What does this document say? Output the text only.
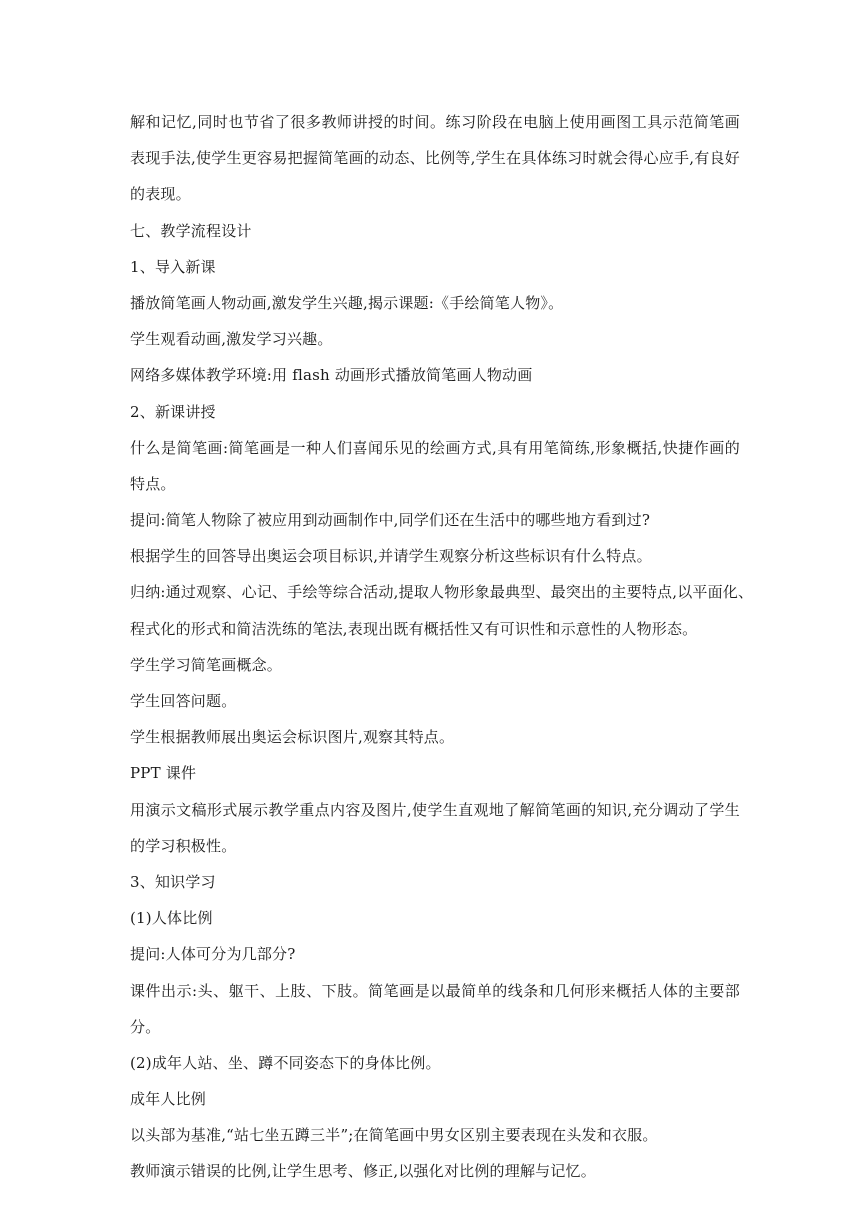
解和记忆,同时也节省了很多教师讲授的时间。练习阶段在电脑上使用画图工具示范简笔画
表现手法,使学生更容易把握简笔画的动态、比例等,学生在具体练习时就会得心应手,有良好
的表现。
七、教学流程设计
1、导入新课
播放简笔画人物动画,激发学生兴趣,揭示课题:《手绘简笔人物》。
学生观看动画,激发学习兴趣。
网络多媒体教学环境:用 flash 动画形式播放简笔画人物动画
2、新课讲授
什么是简笔画:简笔画是一种人们喜闻乐见的绘画方式,具有用笔简练,形象概括,快捷作画的
特点。
提问:简笔人物除了被应用到动画制作中,同学们还在生活中的哪些地方看到过?
根据学生的回答导出奥运会项目标识,并请学生观察分析这些标识有什么特点。
归纳:通过观察、心记、手绘等综合活动,提取人物形象最典型、最突出的主要特点,以平面化、
程式化的形式和简洁洗练的笔法,表现出既有概括性又有可识性和示意性的人物形态。
学生学习简笔画概念。
学生回答问题。
学生根据教师展出奥运会标识图片,观察其特点。
PPT 课件
用演示文稿形式展示教学重点内容及图片,使学生直观地了解简笔画的知识,充分调动了学生
的学习积极性。
3、知识学习
(1)人体比例
提问:人体可分为几部分?
课件出示:头、躯干、上肢、下肢。简笔画是以最简单的线条和几何形来概括人体的主要部
分。
(2)成年人站、坐、蹲不同姿态下的身体比例。
成年人比例
以头部为基准,“站七坐五蹲三半”;在简笔画中男女区别主要表现在头发和衣服。
教师演示错误的比例,让学生思考、修正,以强化对比例的理解与记忆。
